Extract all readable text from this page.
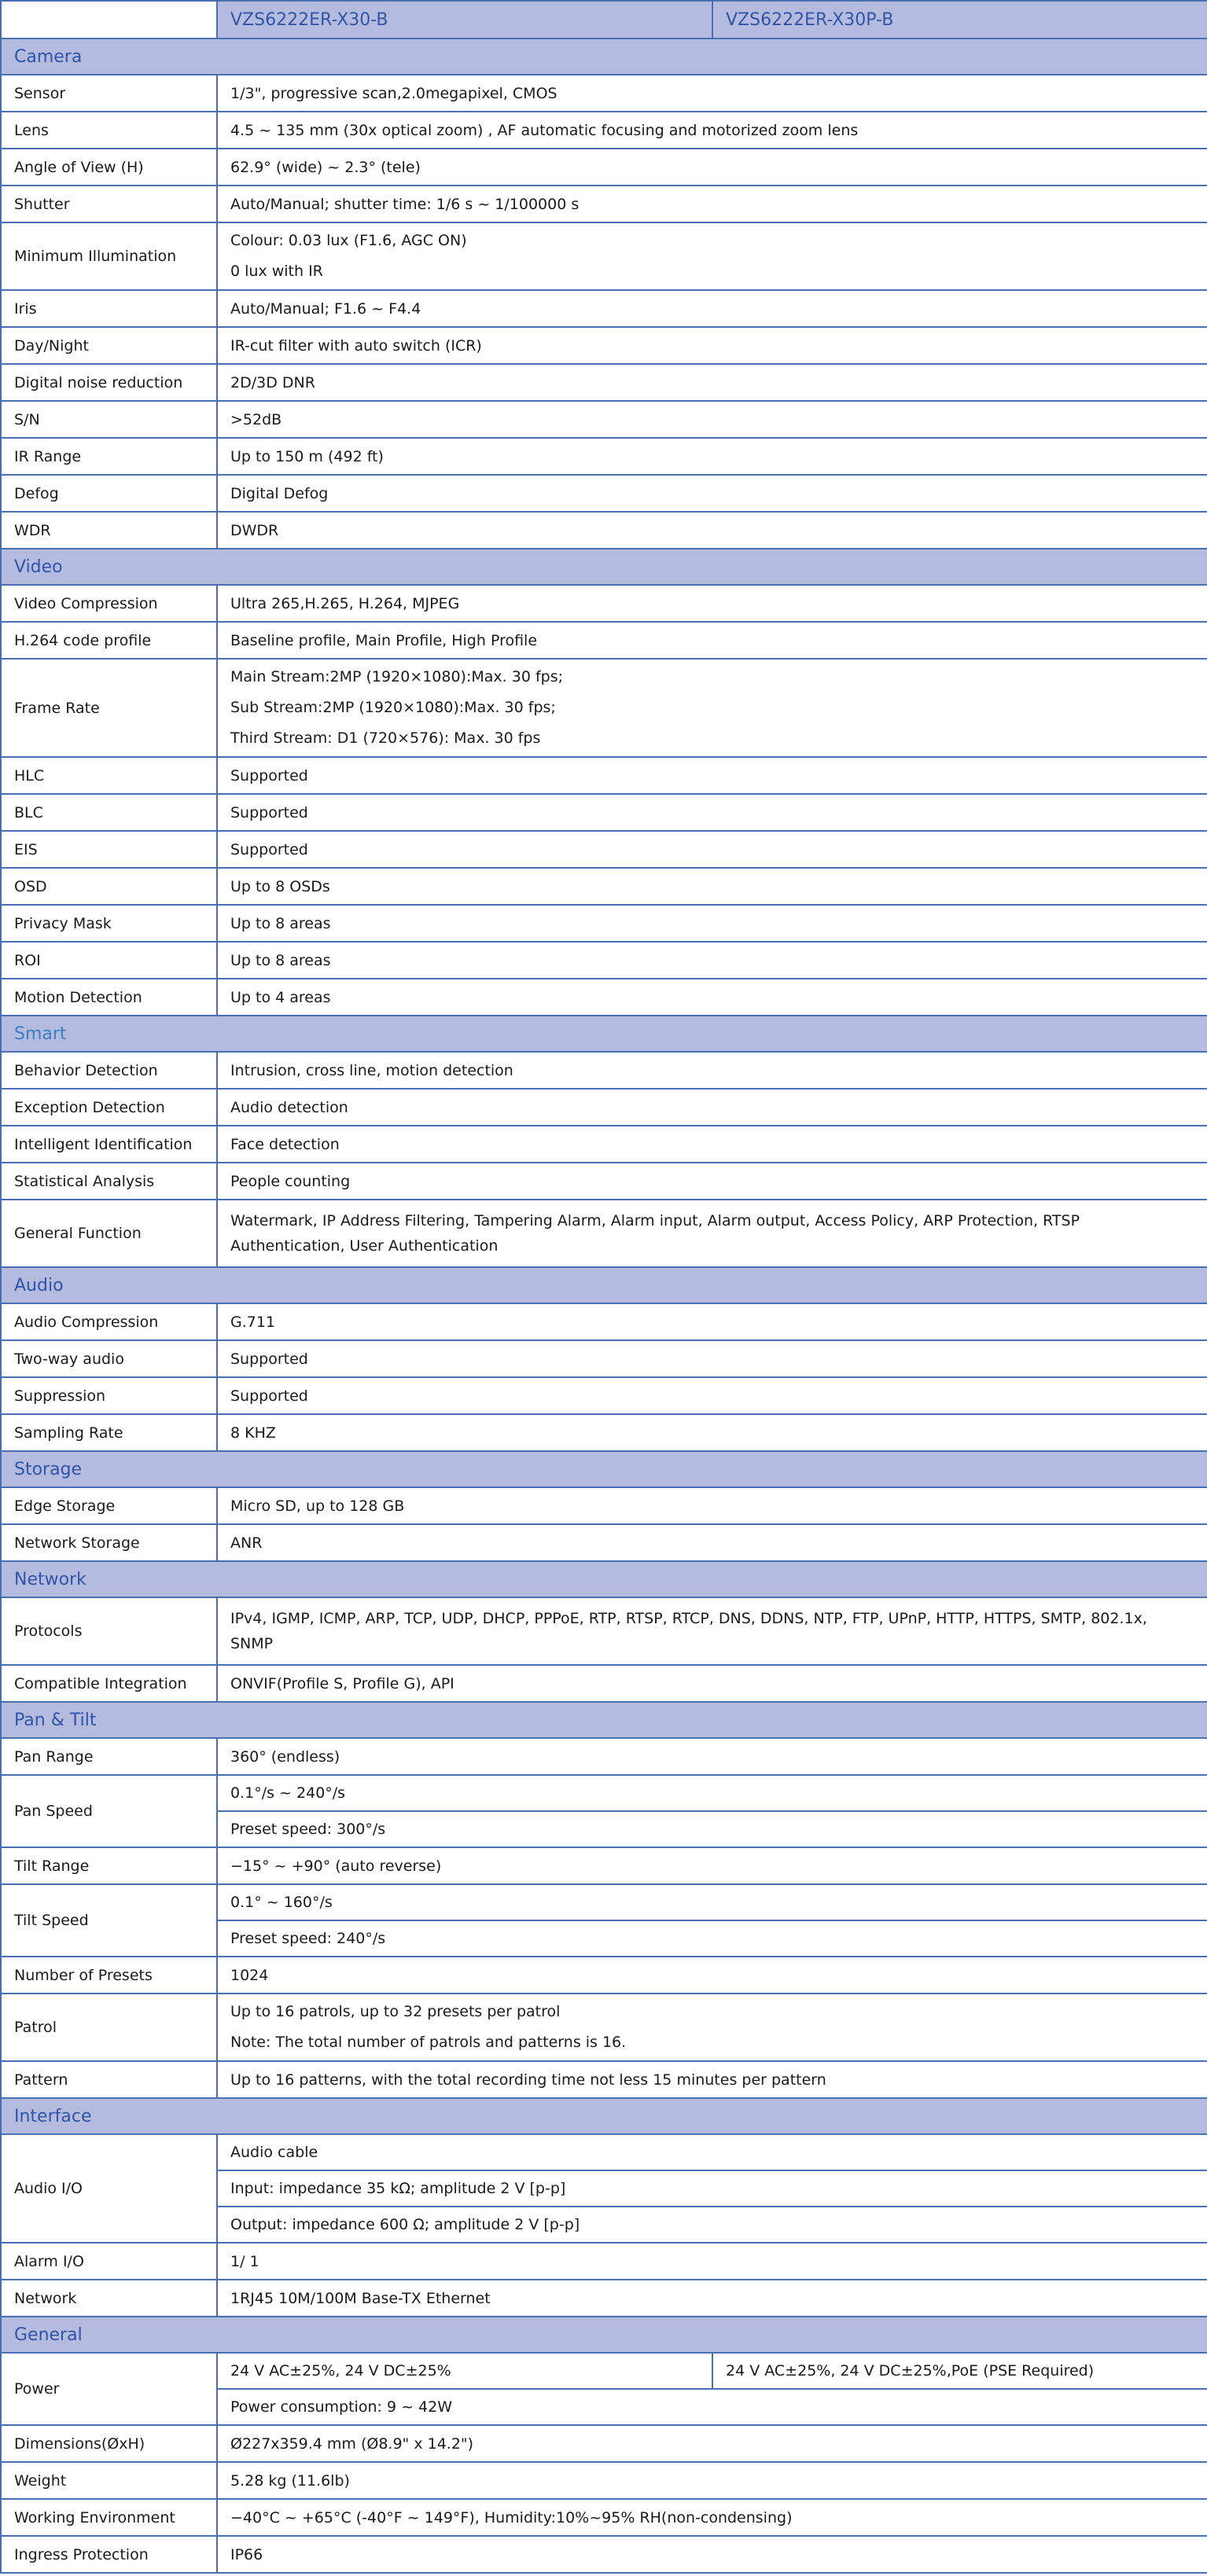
	VZS6222ER-X30-B	VZS6222ER-X30P-B
Camera		
Sensor	1/3", progressive scan,2.0megapixel, CMOS	
Lens	4.5 ~ 135 mm (30x optical zoom) , AF automatic focusing and motorized zoom lens	
Angle of View (H)	62.9° (wide) ~ 2.3° (tele)	
Shutter	Auto/Manual; shutter time: 1/6 s ~ 1/100000 s	
Minimum Illumination	Colour: 0.03 lux (F1.6, AGC ON)
0 lux with IR	

Iris	Auto/Manual; F1.6 ~ F4.4	
Day/Night	IR-cut filter with auto switch (ICR)	
Digital noise reduction	2D/3D DNR	
S/N	>52dB	
IR Range	Up to 150 m (492 ft)	
Defog	Digital Defog	
WDR	DWDR	
Video		
Video Compression	Ultra 265,H.265, H.264, MJPEG	
H.264 code profile	Baseline profile, Main Profile, High Profile	
Frame Rate	Main Stream:2MP (1920×1080):Max. 30 fps;
Sub Stream:2MP (1920×1080):Max. 30 fps;
Third Stream: D1 (720×576): Max. 30 fps	

HLC	Supported	
BLC	Supported	
EIS	Supported	
OSD	Up to 8 OSDs	
Privacy Mask	Up to 8 areas	
ROI	Up to 8 areas	
Motion Detection	Up to 4 areas	
Smart		
Behavior Detection	Intrusion, cross line, motion detection	
Exception Detection	Audio detection	
Intelligent Identification	Face detection	
Statistical Analysis	People counting	
General Function	Watermark, IP Address Filtering, Tampering Alarm, Alarm input, Alarm output, Access Policy, ARP Protection, RTSP Authentication, User Authentication	
Audio		
Audio Compression	G.711	
Two-way audio	Supported	
Suppression	Supported	
Sampling Rate	8 KHZ	
Storage		
Edge Storage	Micro SD, up to 128 GB	
Network Storage	ANR	
Network		
Protocols	IPv4, IGMP, ICMP, ARP, TCP, UDP, DHCP, PPPoE, RTP, RTSP, RTCP, DNS, DDNS, NTP, FTP, UPnP, HTTP, HTTPS, SMTP, 802.1x, SNMP	
Compatible Integration	ONVIF(Profile S, Profile G), API	
Pan & Tilt		
Pan Range	360° (endless)	
Pan Speed	0.1°/s ~ 240°/s	
	Preset speed: 300°/s	
Tilt Range	−15° ~ +90° (auto reverse)	
Tilt Speed	0.1° ~ 160°/s	
	Preset speed: 240°/s	
Number of Presets	1024	
Patrol	Up to 16 patrols, up to 32 presets per patrol
Note: The total number of patrols and patterns is 16.	

Pattern	Up to 16 patterns, with the total recording time not less 15 minutes per pattern	
Interface		
Audio I/O	Audio cable	
	Input: impedance 35 kΩ; amplitude 2 V [p-p]	
	Output: impedance 600 Ω; amplitude 2 V [p-p]	
Alarm I/O	1/ 1	
Network	1RJ45 10M/100M Base-TX Ethernet	
General		
Power	24 V AC±25%, 24 V DC±25%	24 V AC±25%, 24 V DC±25%,PoE (PSE Required)
	Power consumption: 9 ~ 42W	
Dimensions(ØxH)	Ø227x359.4 mm (Ø8.9" x 14.2")	
Weight	5.28 kg (11.6lb)	
Working Environment	−40°C ~ +65°C (-40°F ~ 149°F), Humidity:10%~95% RH(non-condensing)	
Ingress Protection	IP66	
